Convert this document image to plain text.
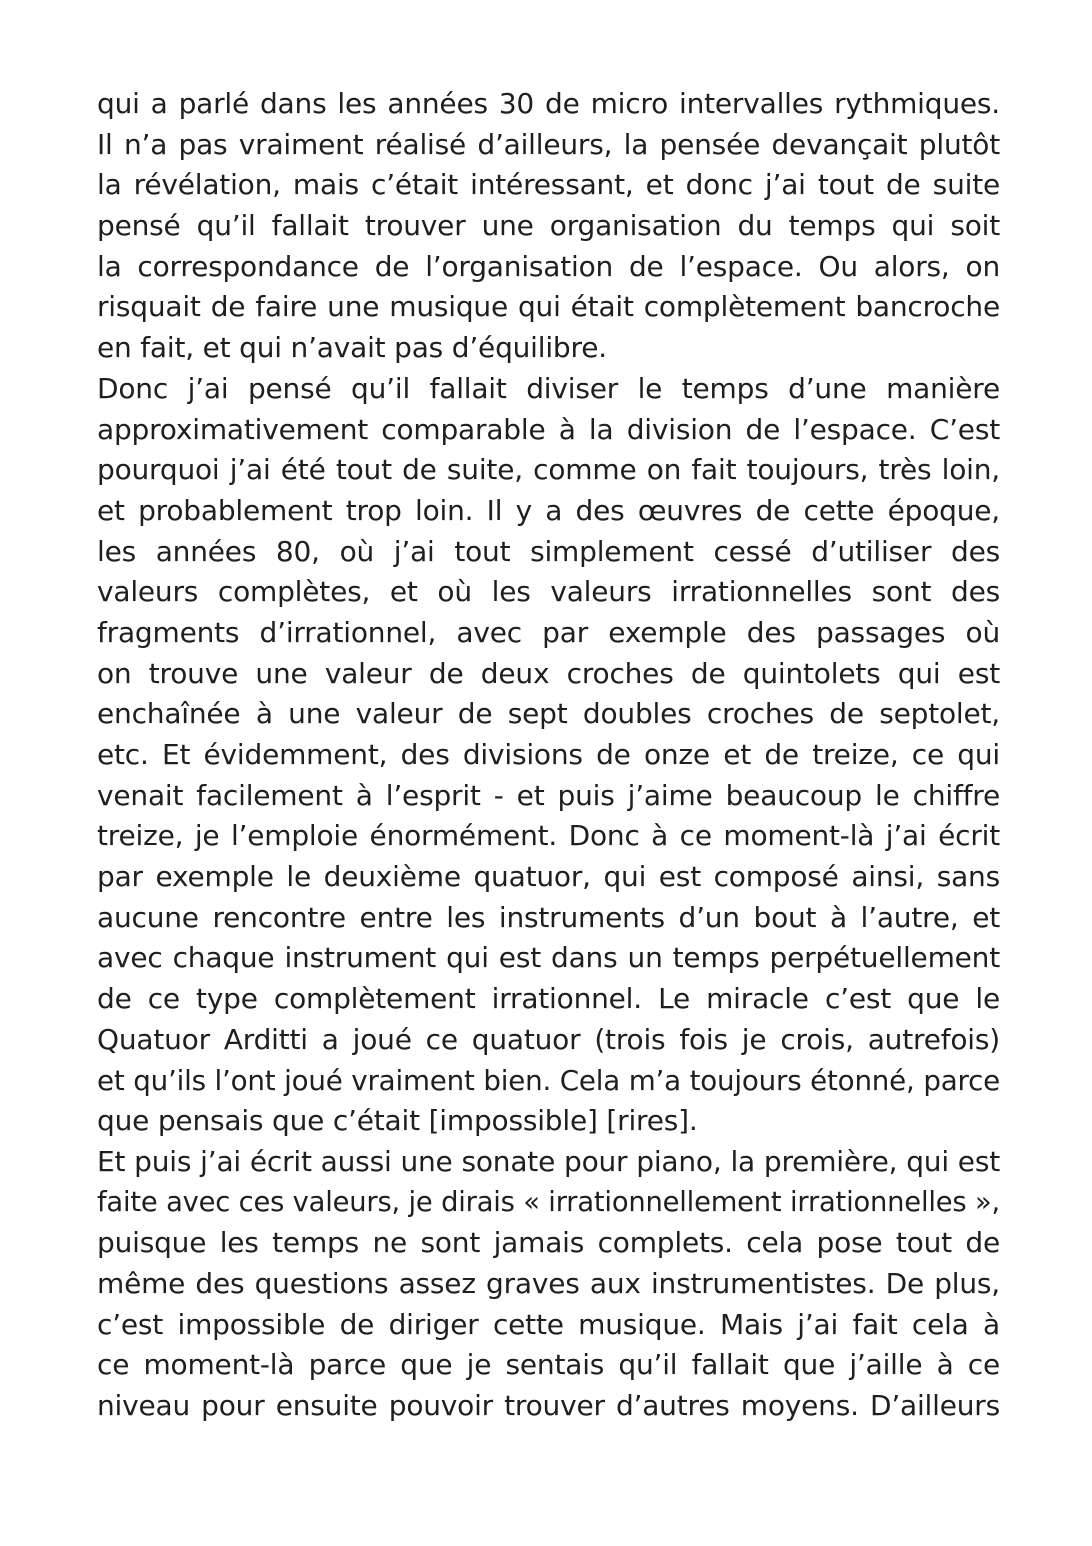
qui a parlé dans les années 30 de micro intervalles rythmiques.
Il n’a pas vraiment réalisé d’ailleurs, la pensée devançait plutôt
la révélation, mais c’était intéressant, et donc j’ai tout de suite
pensé qu’il fallait trouver une organisation du temps qui soit
la correspondance de l’organisation de l’espace. Ou alors, on
risquait de faire une musique qui était complètement bancroche
en fait, et qui n’avait pas d’équilibre.
Donc j’ai pensé qu’il fallait diviser le temps d’une manière
approximativement comparable à la division de l’espace. C’est
pourquoi j’ai été tout de suite, comme on fait toujours, très loin,
et probablement trop loin. Il y a des œuvres de cette époque,
les années 80, où j’ai tout simplement cessé d’utiliser des
valeurs complètes, et où les valeurs irrationnelles sont des
fragments d’irrationnel, avec par exemple des passages où
on trouve une valeur de deux croches de quintolets qui est
enchaînée à une valeur de sept doubles croches de septolet,
etc. Et évidemment, des divisions de onze et de treize, ce qui
venait facilement à l’esprit - et puis j’aime beaucoup le chiffre
treize, je l’emploie énormément. Donc à ce moment-là j’ai écrit
par exemple le deuxième quatuor, qui est composé ainsi, sans
aucune rencontre entre les instruments d’un bout à l’autre, et
avec chaque instrument qui est dans un temps perpétuellement
de ce type complètement irrationnel. Le miracle c’est que le
Quatuor Arditti a joué ce quatuor (trois fois je crois, autrefois)
et qu’ils l’ont joué vraiment bien. Cela m’a toujours étonné, parce
que pensais que c’était [impossible] [rires].
Et puis j’ai écrit aussi une sonate pour piano, la première, qui est
faite avec ces valeurs, je dirais « irrationnellement irrationnelles »,
puisque les temps ne sont jamais complets. cela pose tout de
même des questions assez graves aux instrumentistes. De plus,
c’est impossible de diriger cette musique. Mais j’ai fait cela à
ce moment-là parce que je sentais qu’il fallait que j’aille à ce
niveau pour ensuite pouvoir trouver d’autres moyens. D’ailleurs
